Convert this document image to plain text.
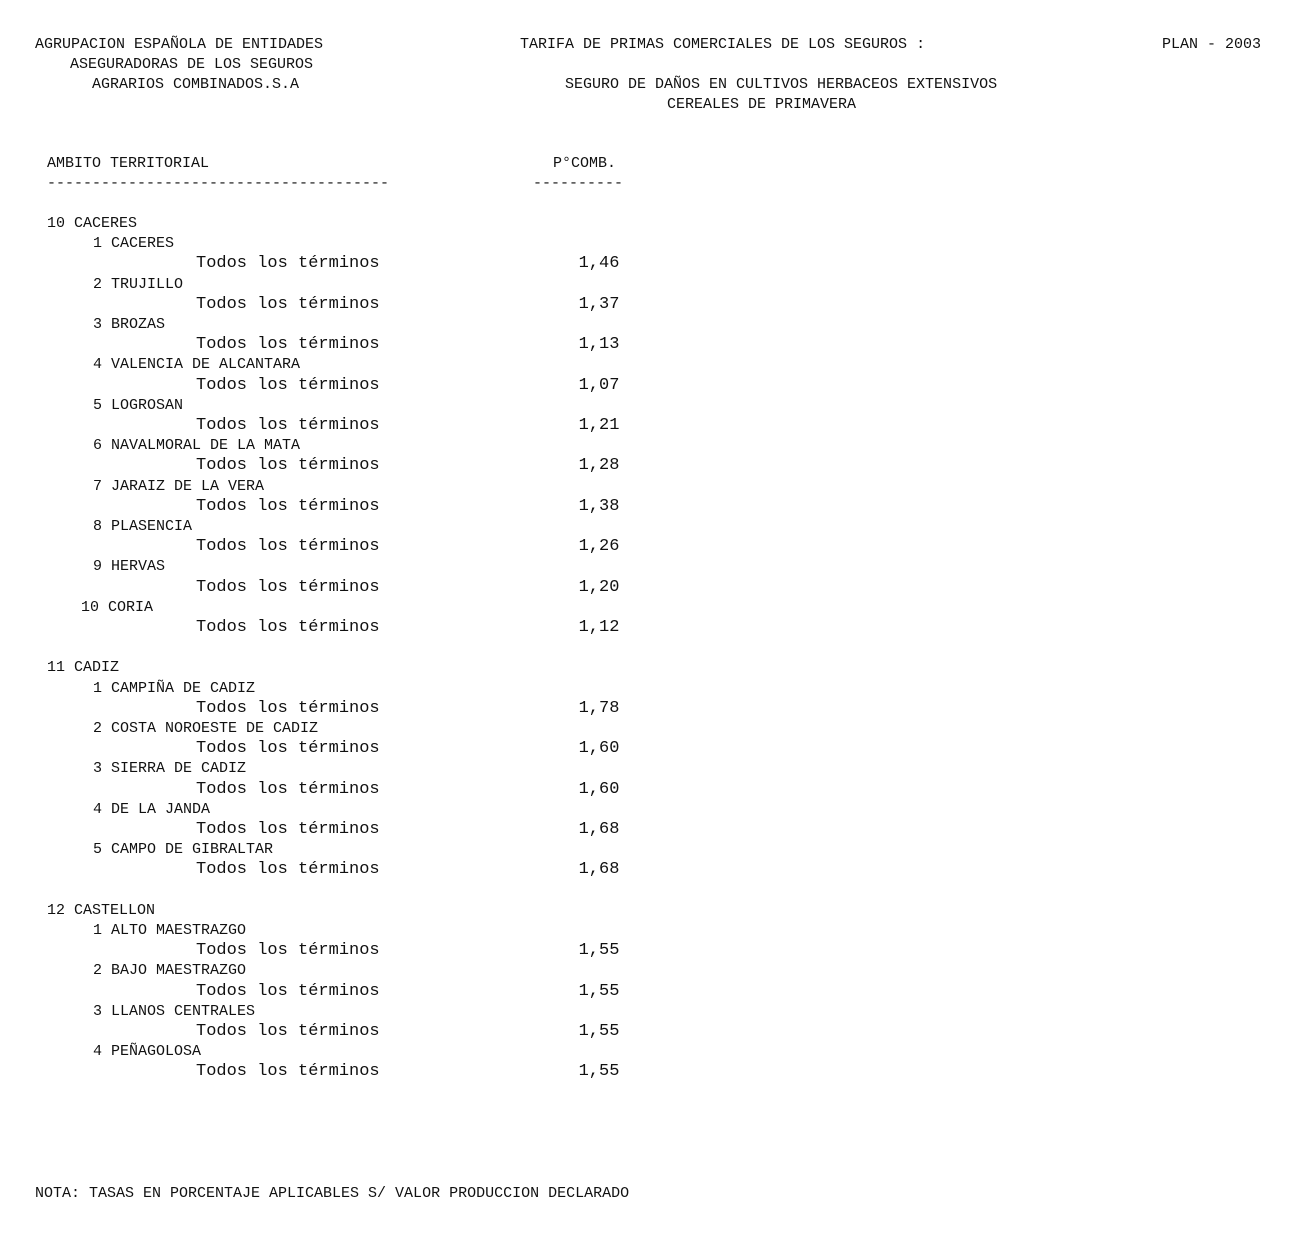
AGRUPACION ESPAÑOLA DE ENTIDADES
ASEGURADORAS DE LOS SEGUROS
AGRARIOS COMBINADOS.S.A
TARIFA DE PRIMAS COMERCIALES DE LOS SEGUROS :	PLAN - 2003
SEGURO DE DAÑOS EN CULTIVOS HERBACEOS EXTENSIVOS
CEREALES DE PRIMAVERA
AMBITO TERRITORIAL
--------------------------------------
P°COMB.
----------
10 CACERES
1 CACERES
Todos los términos	1,46
2 TRUJILLO
Todos los términos	1,37
3 BROZAS
Todos los términos	1,13
4 VALENCIA DE ALCANTARA
Todos los términos	1,07
5 LOGROSAN
Todos los términos	1,21
6 NAVALMORAL DE LA MATA
Todos los términos	1,28
7 JARAIZ DE LA VERA
Todos los términos	1,38
8 PLASENCIA
Todos los términos	1,26
9 HERVAS
Todos los términos	1,20
10 CORIA
Todos los términos	1,12
11 CADIZ
1 CAMPIÑA DE CADIZ
Todos los términos	1,78
2 COSTA NOROESTE DE CADIZ
Todos los términos	1,60
3 SIERRA DE CADIZ
Todos los términos	1,60
4 DE LA JANDA
Todos los términos	1,68
5 CAMPO DE GIBRALTAR
Todos los términos	1,68
12 CASTELLON
1 ALTO MAESTRAZGO
Todos los términos	1,55
2 BAJO MAESTRAZGO
Todos los términos	1,55
3 LLANOS CENTRALES
Todos los términos	1,55
4 PEÑAGOLOSA
Todos los términos	1,55
NOTA: TASAS EN PORCENTAJE APLICABLES S/ VALOR PRODUCCION DECLARADO
